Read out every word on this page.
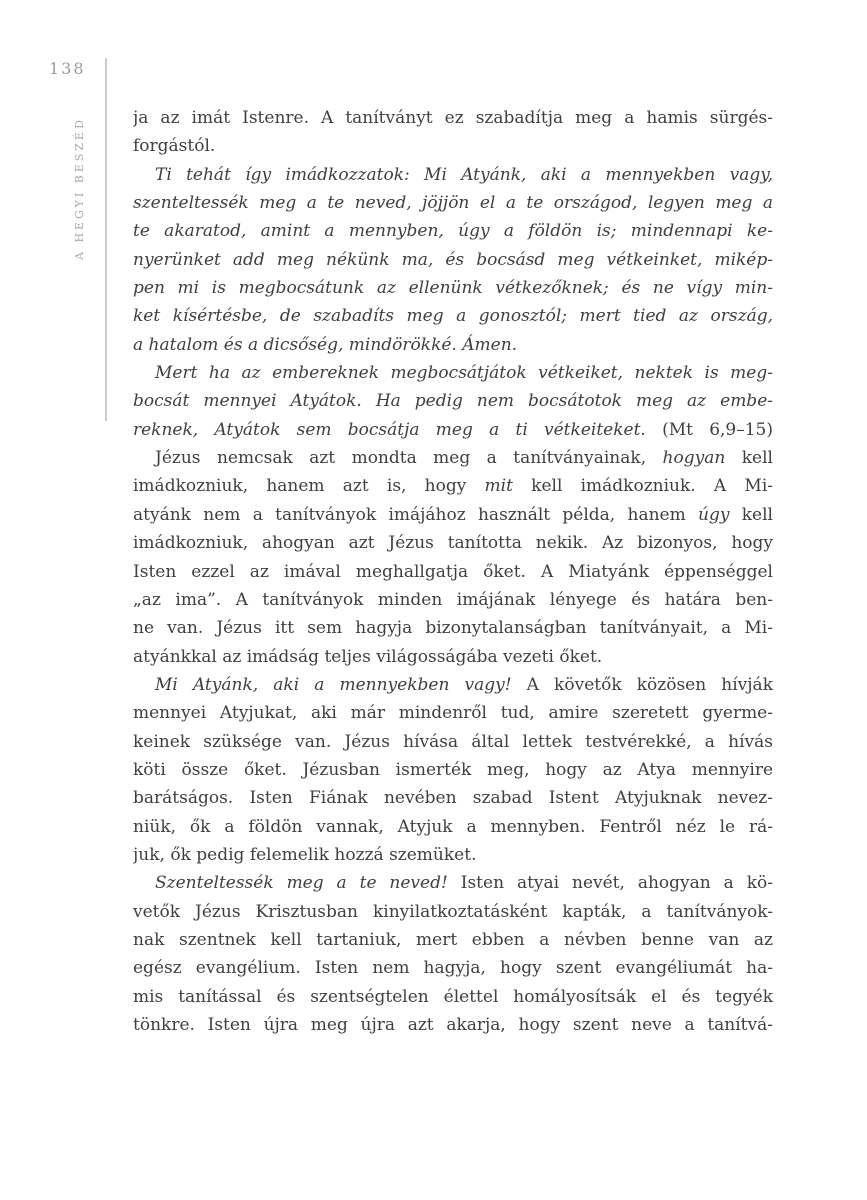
138
A HEGYI BESZÉD	ja az imát Istenre. A tanítványt ez szabadítja meg a hamis sürgés-
forgástól.
Ti tehát így imádkozzatok: Mi Atyánk, aki a mennyekben vagy,
szenteltessék meg a te neved, jöjjön el a te országod, legyen meg a
te akaratod, amint a mennyben, úgy a földön is; mindennapi ke-
nyerünket add meg nékünk ma, és bocsásd meg vétkeinket, mikép-
pen mi is megbocsátunk az ellenünk vétkezőknek; és ne vígy min-
ket kísértésbe, de szabadíts meg a gonosztól; mert tied az ország,
a hatalom és a dicsőség, mindörökké. Ámen.
Mert ha az embereknek megbocsátjátok vétkeiket, nektek is meg-
bocsát mennyei Atyátok. Ha pedig nem bocsátotok meg az embe-
reknek, Atyátok sem bocsátja meg a ti vétkeiteket. (Mt 6,9–15)
Jézus nemcsak azt mondta meg a tanítványainak, hogyan kell
imádkozniuk, hanem azt is, hogy mit kell imádkozniuk. A Mi-
atyánk nem a tanítványok imájához használt példa, hanem úgy kell
imádkozniuk, ahogyan azt Jézus tanította nekik. Az bizonyos, hogy
Isten ezzel az imával meghallgatja őket. A Miatyánk éppenséggel
„az ima”. A tanítványok minden imájának lényege és határa ben-
ne van. Jézus itt sem hagyja bizonytalanságban tanítványait, a Mi-
atyánkkal az imádság teljes világosságába vezeti őket.
Mi Atyánk, aki a mennyekben vagy! A követők közösen hívják
mennyei Atyjukat, aki már mindenről tud, amire szeretett gyerme-
keinek szüksége van. Jézus hívása által lettek testvérekké, a hívás
köti össze őket. Jézusban ismerték meg, hogy az Atya mennyire
barátságos. Isten Fiának nevében szabad Istent Atyjuknak nevez-
niük, ők a földön vannak, Atyjuk a mennyben. Fentről néz le rá-
juk, ők pedig felemelik hozzá szemüket.
Szenteltessék meg a te neved! Isten atyai nevét, ahogyan a kö-
vetők Jézus Krisztusban kinyilatkoztatásként kapták, a tanítványok-
nak szentnek kell tartaniuk, mert ebben a névben benne van az
egész evangélium. Isten nem hagyja, hogy szent evangéliumát ha-
mis tanítással és szentségtelen élettel homályosítsák el és tegyék
tönkre. Isten újra meg újra azt akarja, hogy szent neve a tanítvá-
